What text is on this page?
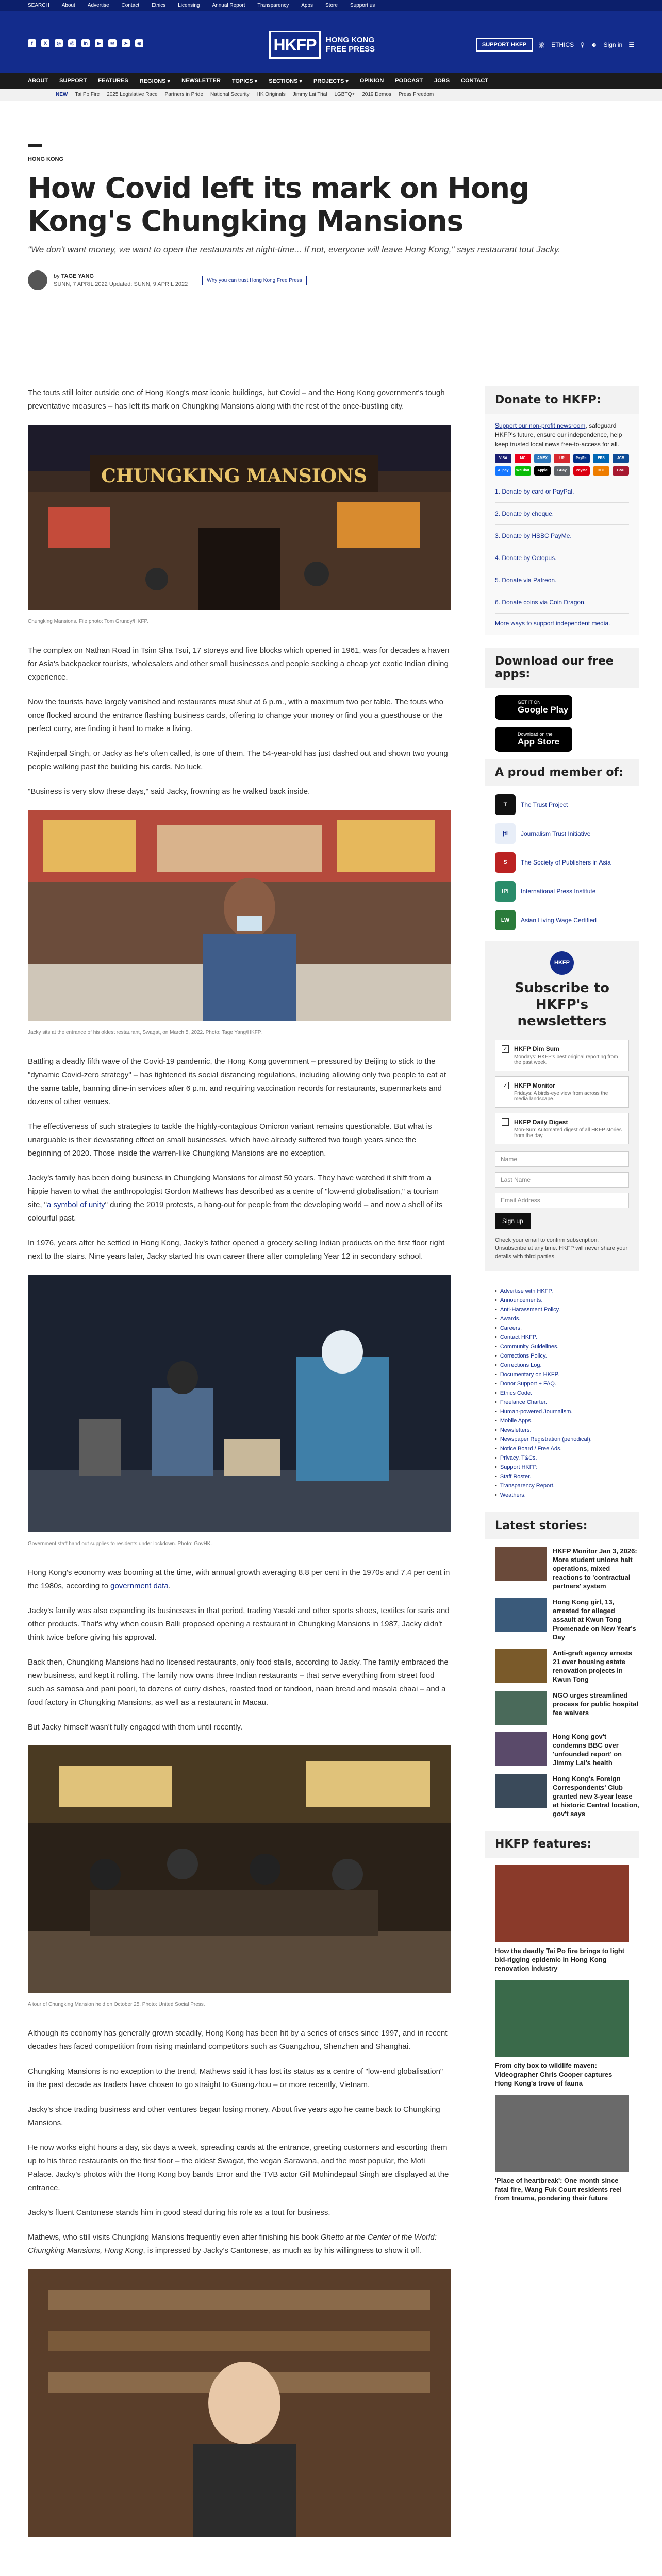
SEARCH About Advertise Contact Ethics Licensing Annual Report Transparency Apps Store Support us
f	X	◎	@	in	▶	✉	➤	◉	HKFP	HONG KONG
FREE PRESS	SUPPORT HKFP	繁 ETHICS ⚲ ☻ Sign in ☰
ABOUT SUPPORT FEATURES REGIONS ▾ NEWSLETTER TOPICS ▾ SECTIONS ▾ PROJECTS ▾ OPINION PODCAST JOBS CONTACT
NEW Tai Po Fire 2025 Legislative Race Partners in Pride National Security HK Originals Jimmy Lai Trial LGBTQ+ 2019 Demos Press Freedom
HONG KONG
How Covid left its mark on Hong Kong's Chungking Mansions
"We don't want money, we want to open the restaurants at night-time... If not, everyone will leave Hong Kong," says restaurant tout Jacky.
by TAGE YANG
SUNN, 7 APRIL 2022 Updated: SUNN, 9 APRIL 2022
Why you can trust Hong Kong Free Press

The touts still loiter outside one of Hong Kong's most iconic buildings, but Covid – and the Hong Kong government's tough preventative measures – has left its mark on Chungking Mansions along with the rest of the once-bustling city.

CHUNGKING MANSIONS
Chungking Mansions. File photo: Tom Grundy/HKFP.

The complex on Nathan Road in Tsim Sha Tsui, 17 storeys and five blocks which opened in 1961, was for decades a haven for Asia's backpacker tourists, wholesalers and other small businesses and people seeking a cheap yet exotic Indian dining experience.

Now the tourists have largely vanished and restaurants must shut at 6 p.m., with a maximum two per table. The touts who once flocked around the entrance flashing business cards, offering to change your money or find you a guesthouse or the perfect curry, are finding it hard to make a living.

Rajinderpal Singh, or Jacky as he's often called, is one of them. The 54-year-old has just dashed out and shown two young people walking past the building his cards. No luck.

"Business is very slow these days," said Jacky, frowning as he walked back inside.

Jacky sits at the entrance of his oldest restaurant, Swagat, on March 5, 2022. Photo: Tage Yang/HKFP.

Battling a deadly fifth wave of the Covid-19 pandemic, the Hong Kong government – pressured by Beijing to stick to the "dynamic Covid-zero strategy" – has tightened its social distancing regulations, including allowing only two people to eat at the same table, banning dine-in services after 6 p.m. and requiring vaccination records for restaurants, supermarkets and dozens of other venues.

The effectiveness of such strategies to tackle the highly-contagious Omicron variant remains questionable. But what is unarguable is their devastating effect on small businesses, which have already suffered two tough years since the beginning of 2020. Those inside the warren-like Chungking Mansions are no exception.

Jacky's family has been doing business in Chungking Mansions for almost 50 years. They have watched it shift from a hippie haven to what the anthropologist Gordon Mathews has described as a centre of "low-end globalisation," a tourism site, "a symbol of unity" during the 2019 protests, a hang-out for people from the developing world – and now a shell of its colourful past.

In 1976, years after he settled in Hong Kong, Jacky's father opened a grocery selling Indian products on the first floor right next to the stairs. Nine years later, Jacky started his own career there after completing Year 12 in secondary school.

Government staff hand out supplies to residents under lockdown. Photo: GovHK.

Hong Kong's economy was booming at the time, with annual growth averaging 8.8 per cent in the 1970s and 7.4 per cent in the 1980s, according to government data.

Jacky's family was also expanding its businesses in that period, trading Yasaki and other sports shoes, textiles for saris and other products. That's why when cousin Balli proposed opening a restaurant in Chungking Mansions in 1987, Jacky didn't think twice before giving his approval.

Back then, Chungking Mansions had no licensed restaurants, only food stalls, according to Jacky. The family embraced the new business, and kept it rolling. The family now owns three Indian restaurants – that serve everything from street food such as samosa and pani poori, to dozens of curry dishes, roasted food or tandoori, naan bread and masala chaai – and a food factory in Chungking Mansions, as well as a restaurant in Macau.

But Jacky himself wasn't fully engaged with them until recently.

A tour of Chungking Mansion held on October 25. Photo: United Social Press.

Although its economy has generally grown steadily, Hong Kong has been hit by a series of crises since 1997, and in recent decades has faced competition from rising mainland competitors such as Guangzhou, Shenzhen and Shanghai.

Chungking Mansions is no exception to the trend, Mathews said it has lost its status as a centre of "low-end globalisation" in the past decade as traders have chosen to go straight to Guangzhou – or more recently, Vietnam.

Jacky's shoe trading business and other ventures began losing money. About five years ago he came back to Chungking Mansions.

He now works eight hours a day, six days a week, spreading cards at the entrance, greeting customers and escorting them up to his three restaurants on the first floor – the oldest Swagat, the vegan Saravana, and the most popular, the Moti Palace. Jacky's photos with the Hong Kong boy bands Error and the TVB actor Gill Mohindepaul Singh are displayed at the entrance.

Jacky's fluent Cantonese stands him in good stead during his role as a tout for business.

Mathews, who still visits Chungking Mansions frequently even after finishing his book Ghetto at the Center of the World: Chungking Mansions, Hong Kong, is impressed by Jacky's Cantonese, as much as by his willingness to show it off.

Donate to HKFP:
Support our non-profit newsroom, safeguard HKFP's future, ensure our independence, help keep trusted local news free-to-access for all.
VISA	MC	AMEX	UP	PayPal	FPS	JCB
Alipay	WeChat	Apple	GPay	PayMe	OCT	BoC
1. Donate by card or PayPal.
2. Donate by cheque.
3. Donate by HSBC PayMe.
4. Donate by Octopus.
5. Donate via Patreon.
6. Donate coins via Coin Dragon.
More ways to support independent media.
Download our free apps:
GET IT ON
Google Play
Download on the
App Store
A proud member of:
T	The Trust Project
jti	Journalism Trust Initiative
S	The Society of Publishers in Asia
IPI	International Press Institute
LW	Asian Living Wage Certified
HKFP
Subscribe to HKFP's newsletters
✓ HKFP Dim Sum
Mondays: HKFP's best original reporting from the past week.
✓ HKFP Monitor
Fridays: A birds-eye view from across the media landscape.
HKFP Daily Digest
Mon-Sun: Automated digest of all HKFP stories from the day.
Name
Last Name
Email Address
Sign up
Check your email to confirm subscription. Unsubscribe at any time. HKFP will never share your details with third parties.
• Advertise with HKFP.
• Announcements.
• Anti-Harassment Policy.
• Awards.
• Careers.
• Contact HKFP.
• Community Guidelines.
• Corrections Policy.
• Corrections Log.
• Documentary on HKFP.
• Donor Support + FAQ.
• Ethics Code.
• Freelance Charter.
• Human-powered Journalism.
• Mobile Apps.
• Newsletters.
• Newspaper Registration (periodical).
• Notice Board / Free Ads.
• Privacy, T&Cs.
• Support HKFP.
• Staff Roster.
• Transparency Report.
• Weathers.
Latest stories:
HKFP Monitor Jan 3, 2026: More student unions halt operations, mixed reactions to 'contractual partners' system
Hong Kong girl, 13, arrested for alleged assault at Kwun Tong Promenade on New Year's Day
Anti-graft agency arrests 21 over housing estate renovation projects in Kwun Tong
NGO urges streamlined process for public hospital fee waivers
Hong Kong gov't condemns BBC over 'unfounded report' on Jimmy Lai's health
Hong Kong's Foreign Correspondents' Club granted new 3-year lease at historic Central location, gov't says
HKFP features:
How the deadly Tai Po fire brings to light bid-rigging epidemic in Hong Kong renovation industry
From city box to wildlife maven: Videographer Chris Cooper captures Hong Kong's trove of fauna
'Place of heartbreak': One month since fatal fire, Wang Fuk Court residents reel from trauma, pondering their future
